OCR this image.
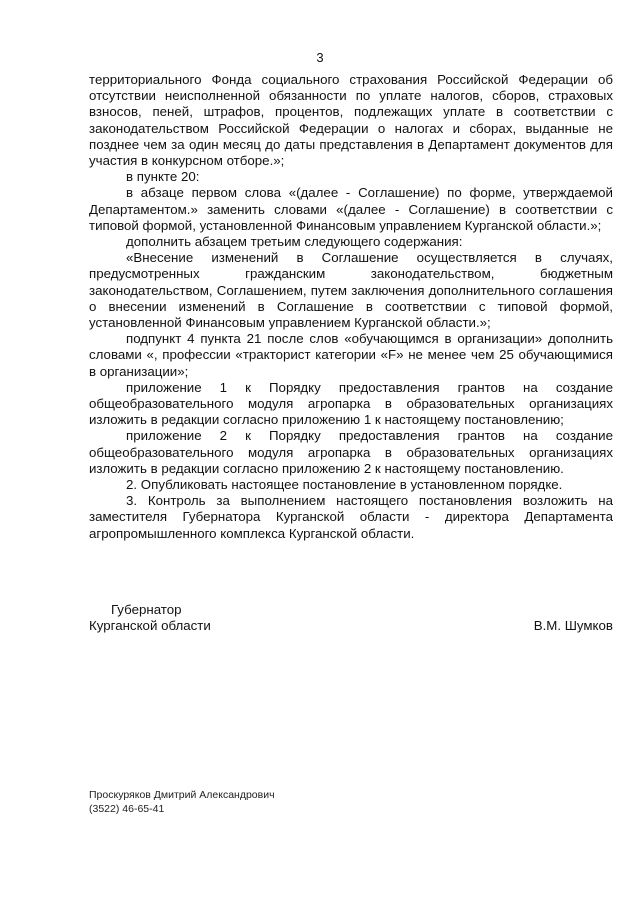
3

территориального Фонда социального страхования Российской Федерации об отсутствии неисполненной обязанности по уплате налогов, сборов, страховых взносов, пеней, штрафов, процентов, подлежащих уплате в соответствии с законодательством Российской Федерации о налогах и сборах, выданные не позднее чем за один месяц до даты представления в Департамент документов для участия в конкурсном отборе.»;

в пункте 20:

в абзаце первом слова «(далее - Соглашение) по форме, утверждаемой Департаментом.» заменить словами «(далее - Соглашение) в соответствии с типовой формой, установленной Финансовым управлением Курганской области.»;

дополнить абзацем третьим следующего содержания:

«Внесение изменений в Соглашение осуществляется в случаях, предусмотренных гражданским законодательством, бюджетным законодательством, Соглашением, путем заключения дополнительного соглашения о внесении изменений в Соглашение в соответствии с типовой формой, установленной Финансовым управлением Курганской области.»;

подпункт 4 пункта 21 после слов «обучающимся в организации» дополнить словами «, профессии «тракторист категории «F» не менее чем 25 обучающимися в организации»;

приложение 1 к Порядку предоставления грантов на создание общеобразовательного модуля агропарка в образовательных организациях изложить в редакции согласно приложению 1 к настоящему постановлению;

приложение 2 к Порядку предоставления грантов на создание общеобразовательного модуля агропарка в образовательных организациях изложить в редакции согласно приложению 2 к настоящему постановлению.

2. Опубликовать настоящее постановление в установленном порядке.

3. Контроль за выполнением настоящего постановления возложить на заместителя Губернатора Курганской области - директора Департамента агропромышленного комплекса Курганской области.

Губернатор
Курганской области	В.М. Шумков
Проскуряков Дмитрий Александрович
(3522) 46-65-41
